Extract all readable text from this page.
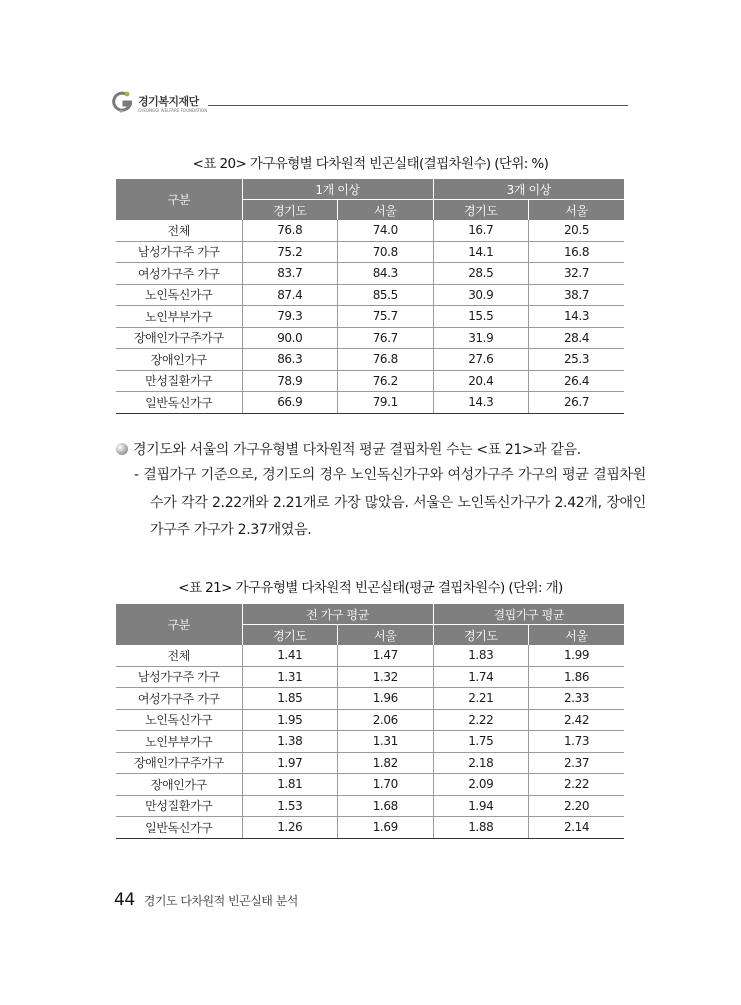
경기복지재단
GYEONGGI WELFARE FOUNDATION
<표 20> 가구유형별 다차원적 빈곤실태(결핍차원수) (단위: %)
구분	1개 이상		3개 이상	
	경기도	서울	경기도	서울
전체	76.8	74.0	16.7	20.5
남성가구주 가구	75.2	70.8	14.1	16.8
여성가구주 가구	83.7	84.3	28.5	32.7
노인독신가구	87.4	85.5	30.9	38.7
노인부부가구	79.3	75.7	15.5	14.3
장애인가구주가구	90.0	76.7	31.9	28.4
장애인가구	86.3	76.8	27.6	25.3
만성질환가구	78.9	76.2	20.4	26.4
일반독신가구	66.9	79.1	14.3	26.7
경기도와 서울의 가구유형별 다차원적 평균 결핍차원 수는 <표 21>과 같음.
- 결핍가구 기준으로, 경기도의 경우 노인독신가구와 여성가구주 가구의 평균 결핍차원 수가 각각 2.22개와 2.21개로 가장 많았음. 서울은 노인독신가구가 2.42개, 장애인가구주 가구가 2.37개였음.
<표 21> 가구유형별 다차원적 빈곤실태(평균 결핍차원수) (단위: 개)
구분	전 가구 평균		결핍가구 평균	
	경기도	서울	경기도	서울
전체	1.41	1.47	1.83	1.99
남성가구주 가구	1.31	1.32	1.74	1.86
여성가구주 가구	1.85	1.96	2.21	2.33
노인독신가구	1.95	2.06	2.22	2.42
노인부부가구	1.38	1.31	1.75	1.73
장애인가구주가구	1.97	1.82	2.18	2.37
장애인가구	1.81	1.70	2.09	2.22
만성질환가구	1.53	1.68	1.94	2.20
일반독신가구	1.26	1.69	1.88	2.14
44 경기도 다차원적 빈곤실태 분석
